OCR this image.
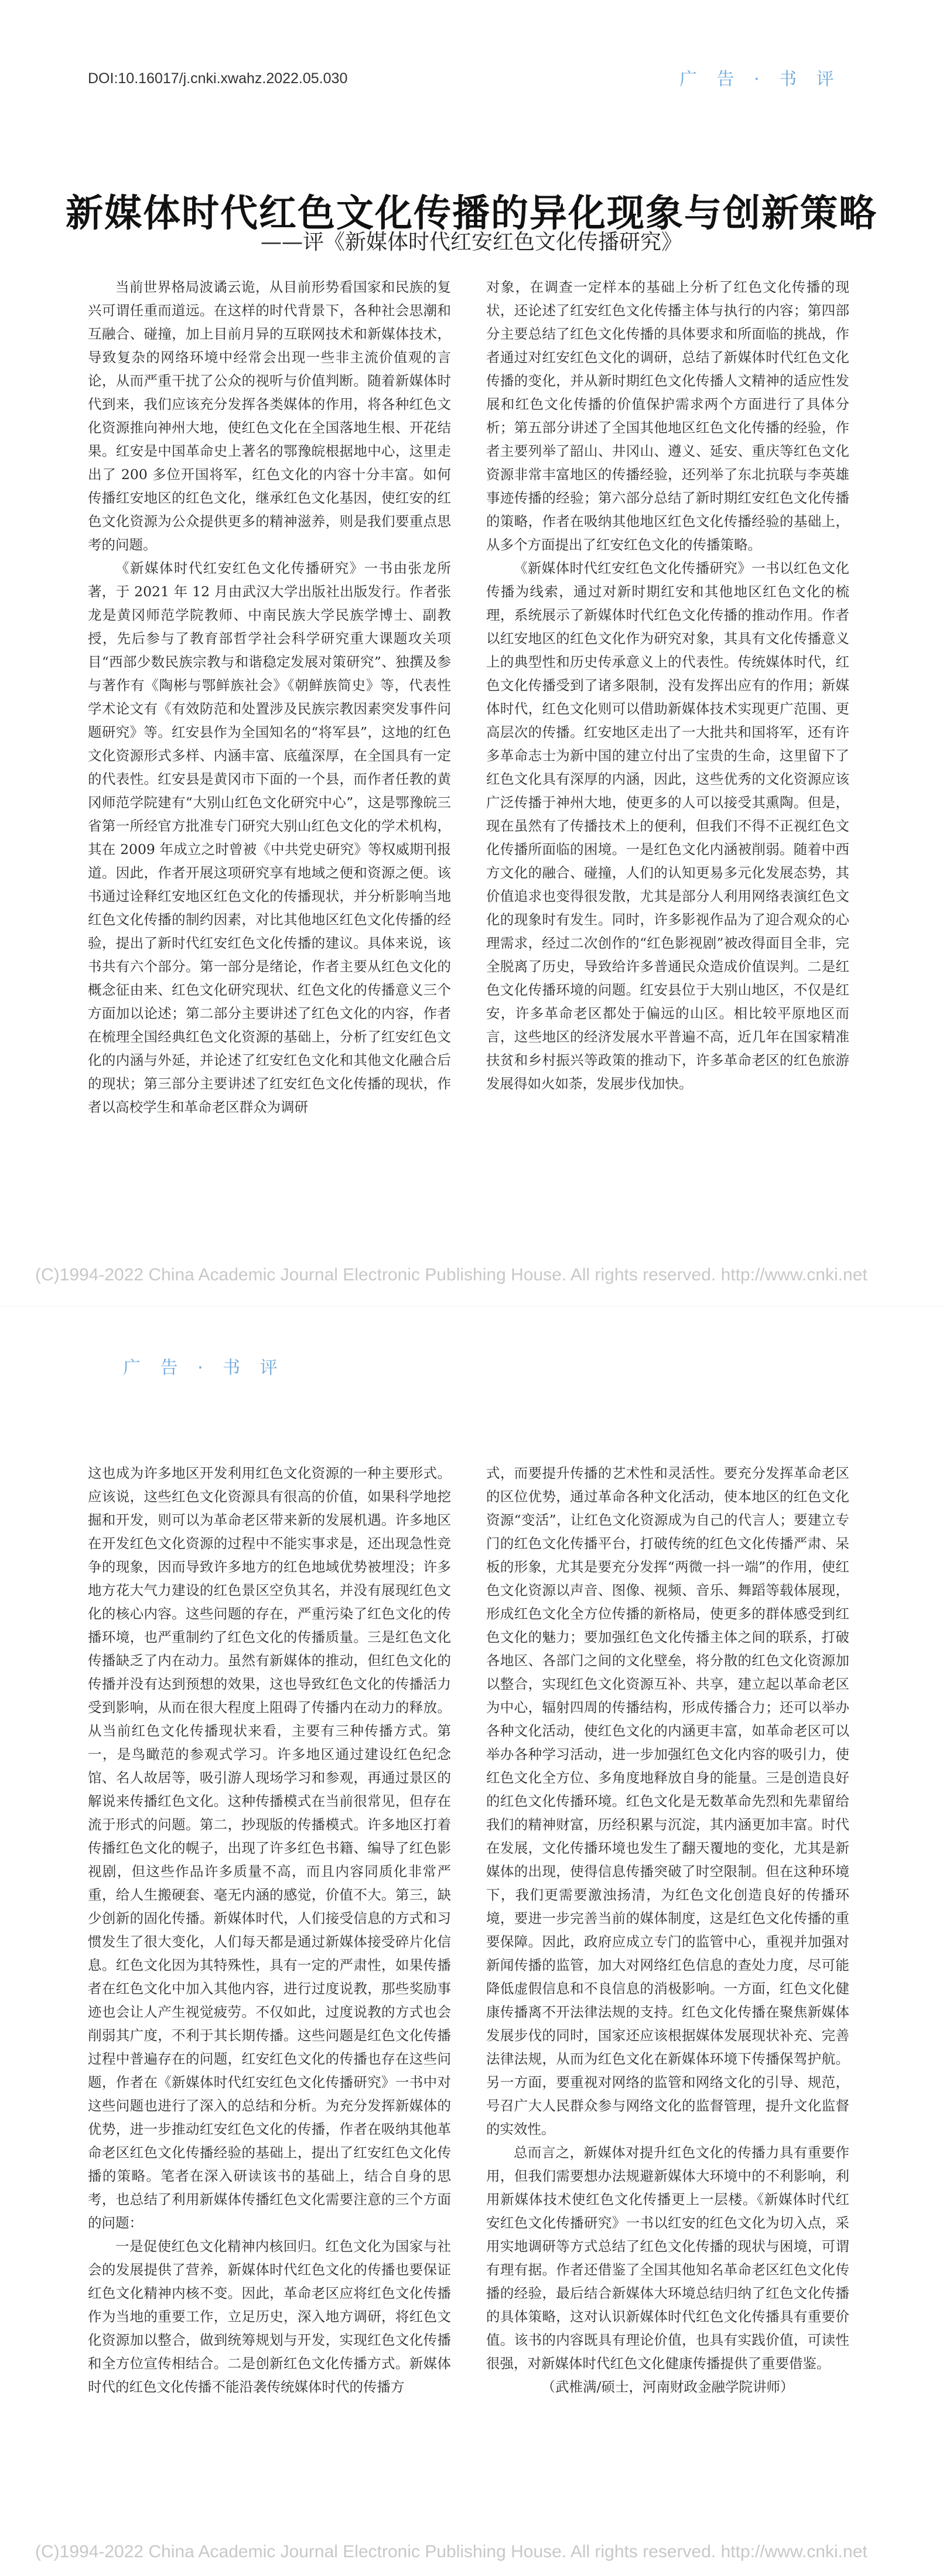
DOI:10.16017/j.cnki.xwahz.2022.05.030	广 告 · 书 评
新媒体时代红色文化传播的异化现象与创新策略
——评《新媒体时代红安红色文化传播研究》

当前世界格局波谲云诡，从目前形势看国家和民族的复兴可谓任重而道远。在这样的时代背景下，各种社会思潮和互融合、碰撞，加上目前月异的互联网技术和新媒体技术，导致复杂的网络环境中经常会出现一些非主流价值观的言论，从而严重干扰了公众的视听与价值判断。随着新媒体时代到来，我们应该充分发挥各类媒体的作用，将各种红色文化资源推向神州大地，使红色文化在全国落地生根、开花结果。红安是中国革命史上著名的鄂豫皖根据地中心，这里走出了 200 多位开国将军，红色文化的内容十分丰富。如何传播红安地区的红色文化，继承红色文化基因，使红安的红色文化资源为公众提供更多的精神滋养，则是我们要重点思考的问题。

《新媒体时代红安红色文化传播研究》一书由张龙所著，于 2021 年 12 月由武汉大学出版社出版发行。作者张龙是黄冈师范学院教师、中南民族大学民族学博士、副教授，先后参与了教育部哲学社会科学研究重大课题攻关项目“西部少数民族宗教与和谐稳定发展对策研究”、独撰及参与著作有《陶彬与鄂鲜族社会》《朝鲜族简史》等，代表性学术论文有《有效防范和处置涉及民族宗教因素突发事件问题研究》等。红安县作为全国知名的“将军县”，这地的红色文化资源形式多样、内涵丰富、底蕴深厚，在全国具有一定的代表性。红安县是黄冈市下面的一个县，而作者任教的黄冈师范学院建有“大别山红色文化研究中心”，这是鄂豫皖三省第一所经官方批准专门研究大别山红色文化的学术机构，其在 2009 年成立之时曾被《中共党史研究》等权威期刊报道。因此，作者开展这项研究享有地域之便和资源之便。该书通过诠释红安地区红色文化的传播现状，并分析影响当地红色文化传播的制约因素，对比其他地区红色文化传播的经验，提出了新时代红安红色文化传播的建议。具体来说，该书共有六个部分。第一部分是绪论，作者主要从红色文化的概念征由来、红色文化研究现状、红色文化的传播意义三个方面加以论述；第二部分主要讲述了红色文化的内容，作者在梳理全国经典红色文化资源的基础上，分析了红安红色文化的内涵与外延，并论述了红安红色文化和其他文化融合后的现状；第三部分主要讲述了红安红色文化传播的现状，作者以高校学生和革命老区群众为调研

对象，在调查一定样本的基础上分析了红色文化传播的现状，还论述了红安红色文化传播主体与执行的内容；第四部分主要总结了红色文化传播的具体要求和所面临的挑战，作者通过对红安红色文化的调研，总结了新媒体时代红色文化传播的变化，并从新时期红色文化传播人文精神的适应性发展和红色文化传播的价值保护需求两个方面进行了具体分析；第五部分讲述了全国其他地区红色文化传播的经验，作者主要列举了韶山、井冈山、遵义、延安、重庆等红色文化资源非常丰富地区的传播经验，还列举了东北抗联与李英雄事迹传播的经验；第六部分总结了新时期红安红色文化传播的策略，作者在吸纳其他地区红色文化传播经验的基础上，从多个方面提出了红安红色文化的传播策略。

《新媒体时代红安红色文化传播研究》一书以红色文化传播为线索，通过对新时期红安和其他地区红色文化的梳理，系统展示了新媒体时代红色文化传播的推动作用。作者以红安地区的红色文化作为研究对象，其具有文化传播意义上的典型性和历史传承意义上的代表性。传统媒体时代，红色文化传播受到了诸多限制，没有发挥出应有的作用；新媒体时代，红色文化则可以借助新媒体技术实现更广范围、更高层次的传播。红安地区走出了一大批共和国将军，还有许多革命志士为新中国的建立付出了宝贵的生命，这里留下了红色文化具有深厚的内涵，因此，这些优秀的文化资源应该广泛传播于神州大地，使更多的人可以接受其熏陶。但是，现在虽然有了传播技术上的便利，但我们不得不正视红色文化传播所面临的困境。一是红色文化内涵被削弱。随着中西方文化的融合、碰撞，人们的认知更易多元化发展态势，其价值追求也变得很发散，尤其是部分人利用网络表演红色文化的现象时有发生。同时，许多影视作品为了迎合观众的心理需求，经过二次创作的“红色影视剧”被改得面目全非，完全脱离了历史，导致给许多普通民众造成价值误判。二是红色文化传播环境的问题。红安县位于大别山地区，不仅是红安，许多革命老区都处于偏远的山区。相比较平原地区而言，这些地区的经济发展水平普遍不高，近几年在国家精准扶贫和乡村振兴等政策的推动下，许多革命老区的红色旅游发展得如火如荼，发展步伐加快。

(C)1994-2022 China Academic Journal Electronic Publishing House. All rights reserved. http://www.cnki.net
广 告 · 书 评

这也成为许多地区开发利用红色文化资源的一种主要形式。应该说，这些红色文化资源具有很高的价值，如果科学地挖掘和开发，则可以为革命老区带来新的发展机遇。许多地区在开发红色文化资源的过程中不能实事求是，还出现急性竞争的现象，因而导致许多地方的红色地域优势被埋没；许多地方花大气力建设的红色景区空负其名，并没有展现红色文化的核心内容。这些问题的存在，严重污染了红色文化的传播环境，也严重制约了红色文化的传播质量。三是红色文化传播缺乏了内在动力。虽然有新媒体的推动，但红色文化的传播并没有达到预想的效果，这也导致红色文化的传播活力受到影响，从而在很大程度上阻碍了传播内在动力的释放。从当前红色文化传播现状来看，主要有三种传播方式。第一，是鸟瞰范的参观式学习。许多地区通过建设红色纪念馆、名人故居等，吸引游人现场学习和参观，再通过景区的解说来传播红色文化。这种传播模式在当前很常见，但存在流于形式的问题。第二，抄现版的传播模式。许多地区打着传播红色文化的幌子，出现了许多红色书籍、编导了红色影视剧，但这些作品许多质量不高，而且内容同质化非常严重，给人生搬硬套、毫无内涵的感觉，价值不大。第三，缺少创新的固化传播。新媒体时代，人们接受信息的方式和习惯发生了很大变化，人们每天都是通过新媒体接受碎片化信息。红色文化因为其特殊性，具有一定的严肃性，如果传播者在红色文化中加入其他内容，进行过度说教，那些奖励事迹也会让人产生视觉疲劳。不仅如此，过度说教的方式也会削弱其广度，不利于其长期传播。这些问题是红色文化传播过程中普遍存在的问题，红安红色文化的传播也存在这些问题，作者在《新媒体时代红安红色文化传播研究》一书中对这些问题也进行了深入的总结和分析。为充分发挥新媒体的优势，进一步推动红安红色文化的传播，作者在吸纳其他革命老区红色文化传播经验的基础上，提出了红安红色文化传播的策略。笔者在深入研读该书的基础上，结合自身的思考，也总结了利用新媒体传播红色文化需要注意的三个方面的问题：

一是促使红色文化精神内核回归。红色文化为国家与社会的发展提供了营养，新媒体时代红色文化的传播也要保证红色文化精神内核不变。因此，革命老区应将红色文化传播作为当地的重要工作，立足历史，深入地方调研，将红色文化资源加以整合，做到统筹规划与开发，实现红色文化传播和全方位宣传相结合。二是创新红色文化传播方式。新媒体时代的红色文化传播不能沿袭传统媒体时代的传播方

式，而要提升传播的艺术性和灵活性。要充分发挥革命老区的区位优势，通过革命各种文化活动，使本地区的红色文化资源“变活”，让红色文化资源成为自己的代言人；要建立专门的红色文化传播平台，打破传统的红色文化传播严肃、呆板的形象，尤其是要充分发挥“两微一抖一端”的作用，使红色文化资源以声音、图像、视频、音乐、舞蹈等载体展现，形成红色文化全方位传播的新格局，使更多的群体感受到红色文化的魅力；要加强红色文化传播主体之间的联系，打破各地区、各部门之间的文化壁垒，将分散的红色文化资源加以整合，实现红色文化资源互补、共享，建立起以革命老区为中心，辐射四周的传播结构，形成传播合力；还可以举办各种文化活动，使红色文化的内涵更丰富，如革命老区可以举办各种学习活动，进一步加强红色文化内容的吸引力，使红色文化全方位、多角度地释放自身的能量。三是创造良好的红色文化传播环境。红色文化是无数革命先烈和先辈留给我们的精神财富，历经积累与沉淀，其内涵更加丰富。时代在发展，文化传播环境也发生了翻天覆地的变化，尤其是新媒体的出现，使得信息传播突破了时空限制。但在这种环境下，我们更需要激浊扬清，为红色文化创造良好的传播环境，要进一步完善当前的媒体制度，这是红色文化传播的重要保障。因此，政府应成立专门的监管中心，重视并加强对新闻传播的监管，加大对网络红色信息的查处力度，尽可能降低虚假信息和不良信息的消极影响。一方面，红色文化健康传播离不开法律法规的支持。红色文化传播在聚焦新媒体发展步伐的同时，国家还应该根据媒体发展现状补充、完善法律法规，从而为红色文化在新媒体环境下传播保驾护航。另一方面，要重视对网络的监管和网络文化的引导、规范，号召广大人民群众参与网络文化的监督管理，提升文化监督的实效性。

总而言之，新媒体对提升红色文化的传播力具有重要作用，但我们需要想办法规避新媒体大环境中的不利影响，利用新媒体技术使红色文化传播更上一层楼。《新媒体时代红安红色文化传播研究》一书以红安的红色文化为切入点，采用实地调研等方式总结了红色文化传播的现状与困境，可谓有理有据。作者还借鉴了全国其他知名革命老区红色文化传播的经验，最后结合新媒体大环境总结归纳了红色文化传播的具体策略，这对认识新媒体时代红色文化传播具有重要价值。该书的内容既具有理论价值，也具有实践价值，可读性很强，对新媒体时代红色文化健康传播提供了重要借鉴。

（武椎满/硕士，河南财政金融学院讲师）

(C)1994-2022 China Academic Journal Electronic Publishing House. All rights reserved. http://www.cnki.net
